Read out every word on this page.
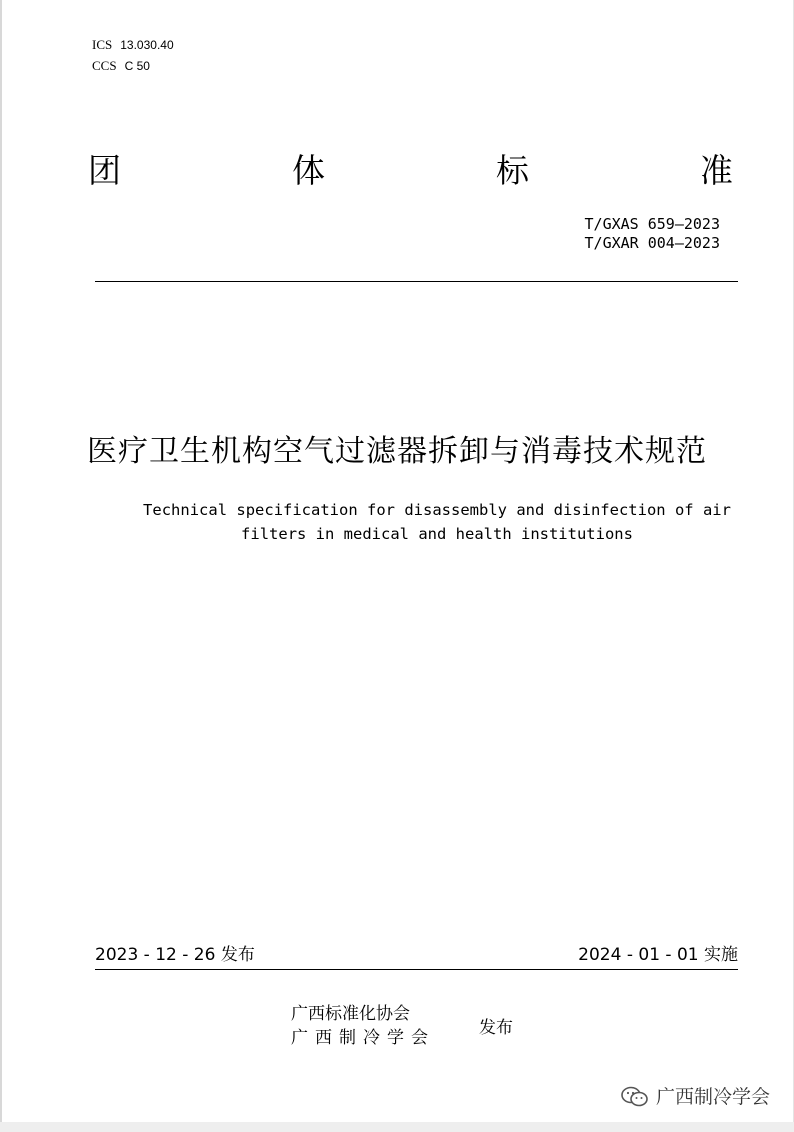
ICS 13.030.40
CCS C 50
团	体	标	准
T/GXAS 659—2023
T/GXAR 004—2023
医疗卫生机构空气过滤器拆卸与消毒技术规范
Technical specification for disassembly and disinfection of air
filters in medical and health institutions
2023 - 12 - 26 发布	2024 - 01 - 01 实施
广西标准化协会
广西制冷学会	发布
广西制冷学会
